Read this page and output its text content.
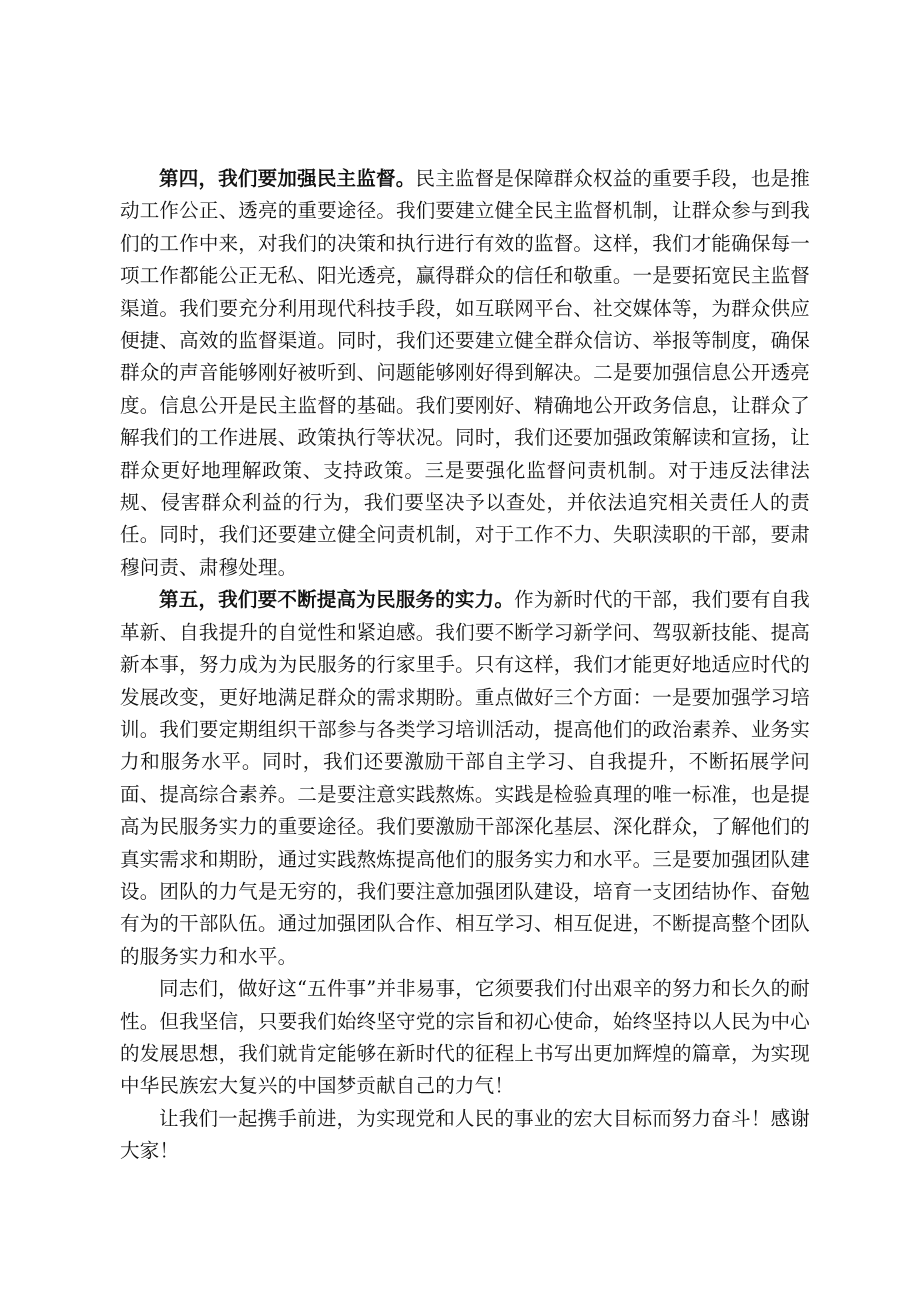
第四，我们要加强民主监督。民主监督是保障群众权益的重要手段，也是推动工作公正、透亮的重要途径。我们要建立健全民主监督机制，让群众参与到我们的工作中来，对我们的决策和执行进行有效的监督。这样，我们才能确保每一项工作都能公正无私、阳光透亮，赢得群众的信任和敬重。一是要拓宽民主监督渠道。我们要充分利用现代科技手段，如互联网平台、社交媒体等，为群众供应便捷、高效的监督渠道。同时，我们还要建立健全群众信访、举报等制度，确保群众的声音能够刚好被听到、问题能够刚好得到解决。二是要加强信息公开透亮度。信息公开是民主监督的基础。我们要刚好、精确地公开政务信息，让群众了解我们的工作进展、政策执行等状况。同时，我们还要加强政策解读和宣扬，让群众更好地理解政策、支持政策。三是要强化监督问责机制。对于违反法律法规、侵害群众利益的行为，我们要坚决予以查处，并依法追究相关责任人的责任。同时，我们还要建立健全问责机制，对于工作不力、失职渎职的干部，要肃穆问责、肃穆处理。

第五，我们要不断提高为民服务的实力。作为新时代的干部，我们要有自我革新、自我提升的自觉性和紧迫感。我们要不断学习新学问、驾驭新技能、提高新本事，努力成为为民服务的行家里手。只有这样，我们才能更好地适应时代的发展改变，更好地满足群众的需求期盼。重点做好三个方面：一是要加强学习培训。我们要定期组织干部参与各类学习培训活动，提高他们的政治素养、业务实力和服务水平。同时，我们还要激励干部自主学习、自我提升，不断拓展学问面、提高综合素养。二是要注意实践熬炼。实践是检验真理的唯一标准，也是提高为民服务实力的重要途径。我们要激励干部深化基层、深化群众，了解他们的真实需求和期盼，通过实践熬炼提高他们的服务实力和水平。三是要加强团队建设。团队的力气是无穷的，我们要注意加强团队建设，培育一支团结协作、奋勉有为的干部队伍。通过加强团队合作、相互学习、相互促进，不断提高整个团队的服务实力和水平。

同志们，做好这“五件事”并非易事，它须要我们付出艰辛的努力和长久的耐性。但我坚信，只要我们始终坚守党的宗旨和初心使命，始终坚持以人民为中心的发展思想，我们就肯定能够在新时代的征程上书写出更加辉煌的篇章，为实现中华民族宏大复兴的中国梦贡献自己的力气！

让我们一起携手前进，为实现党和人民的事业的宏大目标而努力奋斗！感谢大家！
